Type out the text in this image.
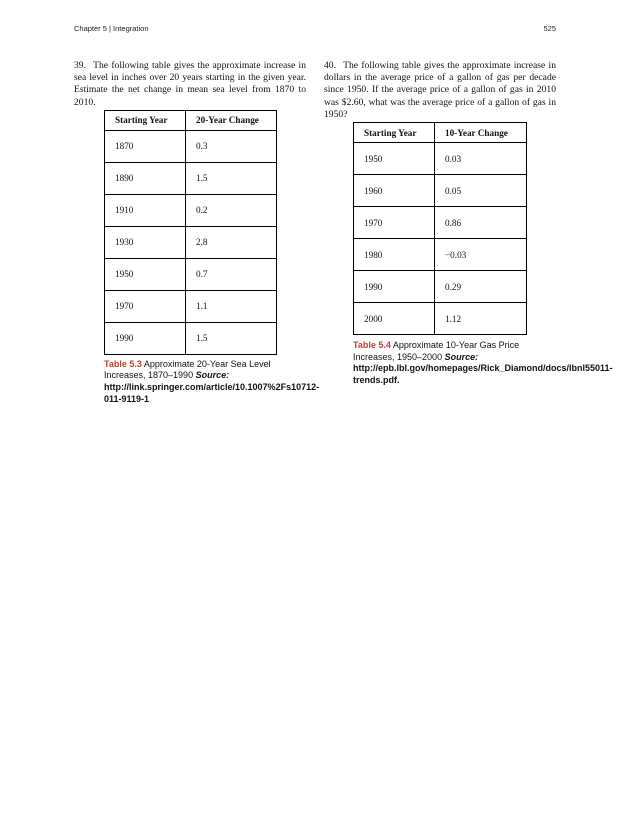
Chapter 5 | Integration	525

39. The following table gives the approximate increase in sea level in inches over 20 years starting in the given year. Estimate the net change in mean sea level from 1870 to 2010.

Starting Year	20-Year Change
1870	0.3
1890	1.5
1910	0.2
1930	2.8
1950	0.7
1970	1.1
1990	1.5
Table 5.3 Approximate 20-Year Sea Level Increases, 1870–1990 Source: http://link.springer.com/article/10.1007%2Fs10712-011-9119-1

40. The following table gives the approximate increase in dollars in the average price of a gallon of gas per decade since 1950. If the average price of a gallon of gas in 2010 was $2.60, what was the average price of a gallon of gas in 1950?

Starting Year	10-Year Change
1950	0.03
1960	0.05
1970	0.86
1980	−0.03
1990	0.29
2000	1.12
Table 5.4 Approximate 10-Year Gas Price Increases, 1950–2000 Source: http://epb.lbl.gov/homepages/Rick_Diamond/docs/lbnl55011-trends.pdf.
